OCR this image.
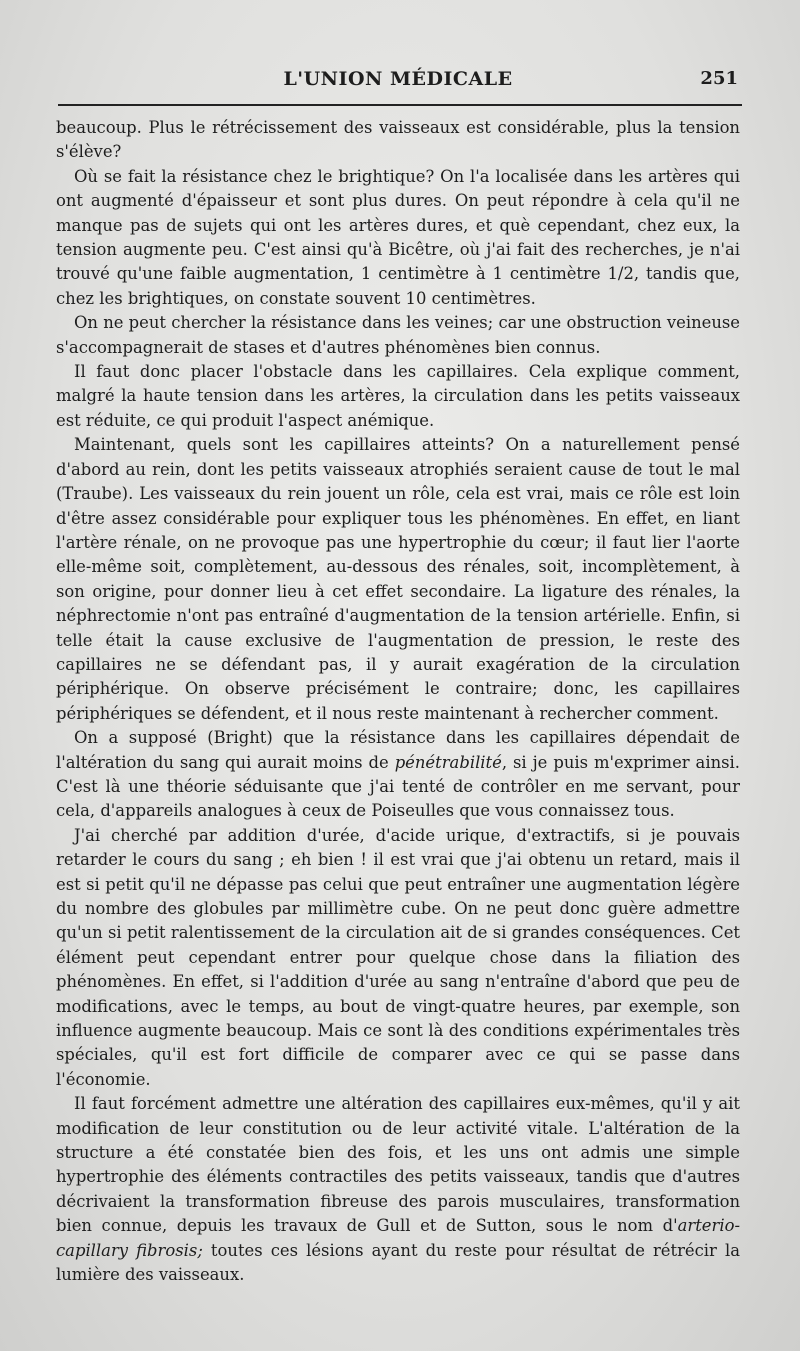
L'UNION MÉDICALE	251

beaucoup. Plus le rétrécissement des vaisseaux est considérable, plus la tension s'élève?

Où se fait la résistance chez le brightique? On l'a localisée dans les artères qui ont augmenté d'épaisseur et sont plus dures. On peut répondre à cela qu'il ne manque pas de sujets qui ont les artères dures, et què cependant, chez eux, la tension augmente peu. C'est ainsi qu'à Bicêtre, où j'ai fait des recherches, je n'ai trouvé qu'une faible augmentation, 1 centimètre à 1 centimètre 1/2, tandis que, chez les brightiques, on constate souvent 10 centimètres.

On ne peut chercher la résistance dans les veines; car une obstruction veineuse s'accompagnerait de stases et d'autres phénomènes bien connus.

Il faut donc placer l'obstacle dans les capillaires. Cela explique comment, malgré la haute tension dans les artères, la circulation dans les petits vaisseaux est réduite, ce qui produit l'aspect anémique.

Maintenant, quels sont les capillaires atteints? On a naturellement pensé d'abord au rein, dont les petits vaisseaux atrophiés seraient cause de tout le mal (Traube). Les vaisseaux du rein jouent un rôle, cela est vrai, mais ce rôle est loin d'être assez considérable pour expliquer tous les phénomènes. En effet, en liant l'artère rénale, on ne provoque pas une hypertrophie du cœur; il faut lier l'aorte elle-même soit, complètement, au-dessous des rénales, soit, incomplètement, à son origine, pour donner lieu à cet effet secondaire. La ligature des rénales, la néphrectomie n'ont pas entraîné d'augmentation de la tension artérielle. Enfin, si telle était la cause exclusive de l'augmentation de pression, le reste des capillaires ne se défendant pas, il y aurait exagération de la circulation périphérique. On observe précisément le contraire; donc, les capillaires périphériques se défendent, et il nous reste maintenant à rechercher comment.

On a supposé (Bright) que la résistance dans les capillaires dépendait de l'altération du sang qui aurait moins de pénétrabilité, si je puis m'exprimer ainsi. C'est là une théorie séduisante que j'ai tenté de contrôler en me servant, pour cela, d'appareils analogues à ceux de Poiseulles que vous connaissez tous.

J'ai cherché par addition d'urée, d'acide urique, d'extractifs, si je pouvais retarder le cours du sang ; eh bien ! il est vrai que j'ai obtenu un retard, mais il est si petit qu'il ne dépasse pas celui que peut entraîner une augmentation légère du nombre des globules par millimètre cube. On ne peut donc guère admettre qu'un si petit ralentissement de la circulation ait de si grandes conséquences. Cet élément peut cependant entrer pour quelque chose dans la filiation des phénomènes. En effet, si l'addition d'urée au sang n'entraîne d'abord que peu de modifications, avec le temps, au bout de vingt-quatre heures, par exemple, son influence augmente beaucoup. Mais ce sont là des conditions expérimentales très spéciales, qu'il est fort difficile de comparer avec ce qui se passe dans l'économie.

Il faut forcément admettre une altération des capillaires eux-mêmes, qu'il y ait modification de leur constitution ou de leur activité vitale. L'altération de la structure a été constatée bien des fois, et les uns ont admis une simple hypertrophie des éléments contractiles des petits vaisseaux, tandis que d'autres décrivaient la transformation fibreuse des parois musculaires, transformation bien connue, depuis les travaux de Gull et de Sutton, sous le nom d'arterio-capillary fibrosis; toutes ces lésions ayant du reste pour résultat de rétrécir la lumière des vaisseaux.
